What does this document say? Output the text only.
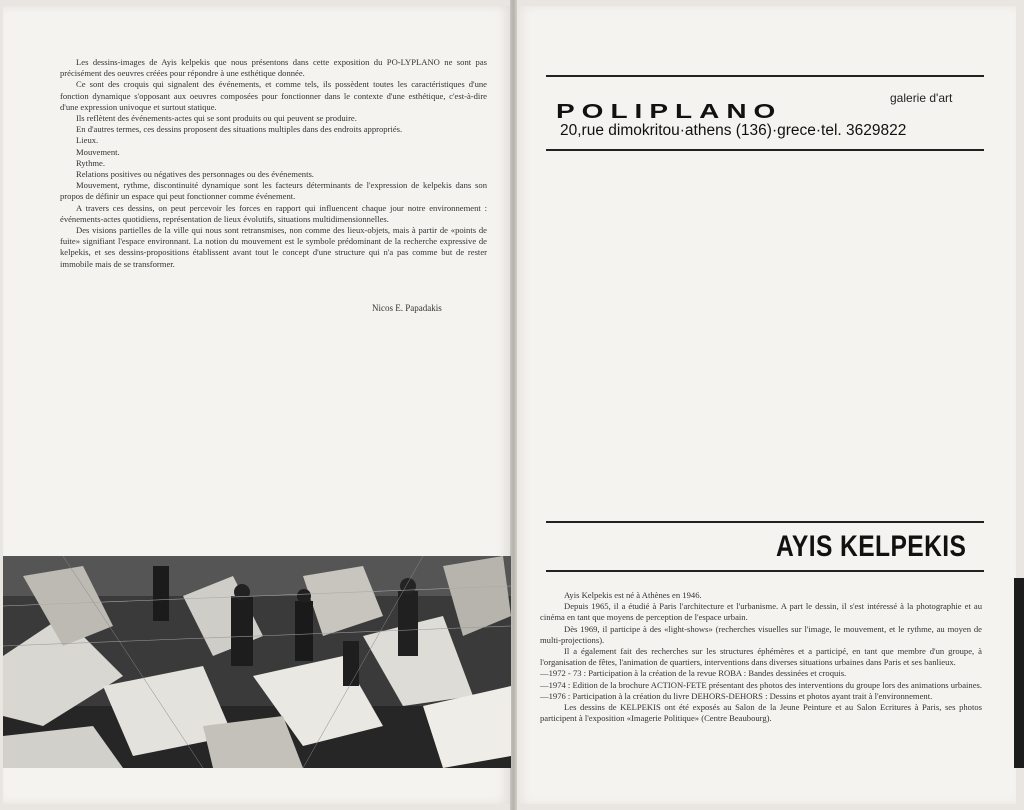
Les dessins-images de Ayis kelpekis que nous présentons dans cette exposition du PO-LYPLANO ne sont pas précisément des oeuvres créées pour répondre à une esthétique donnée.

Ce sont des croquis qui signalent des événements, et comme tels, ils possèdent toutes les caractéristiques d'une fonction dynamique s'opposant aux oeuvres composées pour fonctionner dans le contexte d'une esthétique, c'est-à-dire d'une expression univoque et surtout statique.

Ils reflètent des événements-actes qui se sont produits ou qui peuvent se produire.

En d'autres termes, ces dessins proposent des situations multiples dans des endroits appropriés.

Lieux.

Mouvement.

Rythme.

Relations positives ou négatives des personnages ou des événements.

Mouvement, rythme, discontinuité dynamique sont les facteurs déterminants de l'expression de kelpekis dans son propos de définir un espace qui peut fonctionner comme événement.

A travers ces dessins, on peut percevoir les forces en rapport qui influencent chaque jour notre environnement : événements-actes quotidiens, représentation de lieux évolutifs, situations multidimensionnelles.

Des visions partielles de la ville qui nous sont retransmises, non comme des lieux-objets, mais à partir de «points de fuite» signifiant l'espace environnant. La notion du mouvement est le symbole prédominant de la recherche expressive de kelpekis, et ses dessins-propositions établissent avant tout le concept d'une structure qui n'a pas comme but de rester immobile mais de se transformer.

Nicos E. Papadakis
galerie d'art
POLIPLANO
20,rue dimokritou·athens (136)·grece·tel. 3629822
AYIS KELPEKIS

Ayis Kelpekis est né à Athènes en 1946.

Depuis 1965, il a étudié à Paris l'architecture et l'urbanisme. A part le dessin, il s'est intéressé à la photographie et au cinéma en tant que moyens de perception de l'espace urbain.

Dès 1969, il participe à des «light-shows» (recherches visuelles sur l'image, le mouvement, et le rythme, au moyen de multi-projections).

Il a également fait des recherches sur les structures éphémères et a participé, en tant que membre d'un groupe, à l'organisation de fêtes, l'animation de quartiers, interventions dans diverses situations urbaines dans Paris et ses banlieux.

—1972 - 73 : Participation à la création de la revue ROBA : Bandes dessinées et croquis.

—1974 : Edition de la brochure ACTION-FETE présentant des photos des interventions du groupe lors des animations urbaines.

—1976 : Participation à la création du livre DEHORS-DEHORS : Dessins et photos ayant trait à l'environnement.

Les dessins de KELPEKIS ont été exposés au Salon de la Jeune Peinture et au Salon Ecritures à Paris, ses photos participent à l'exposition «Imagerie Politique» (Centre Beaubourg).
